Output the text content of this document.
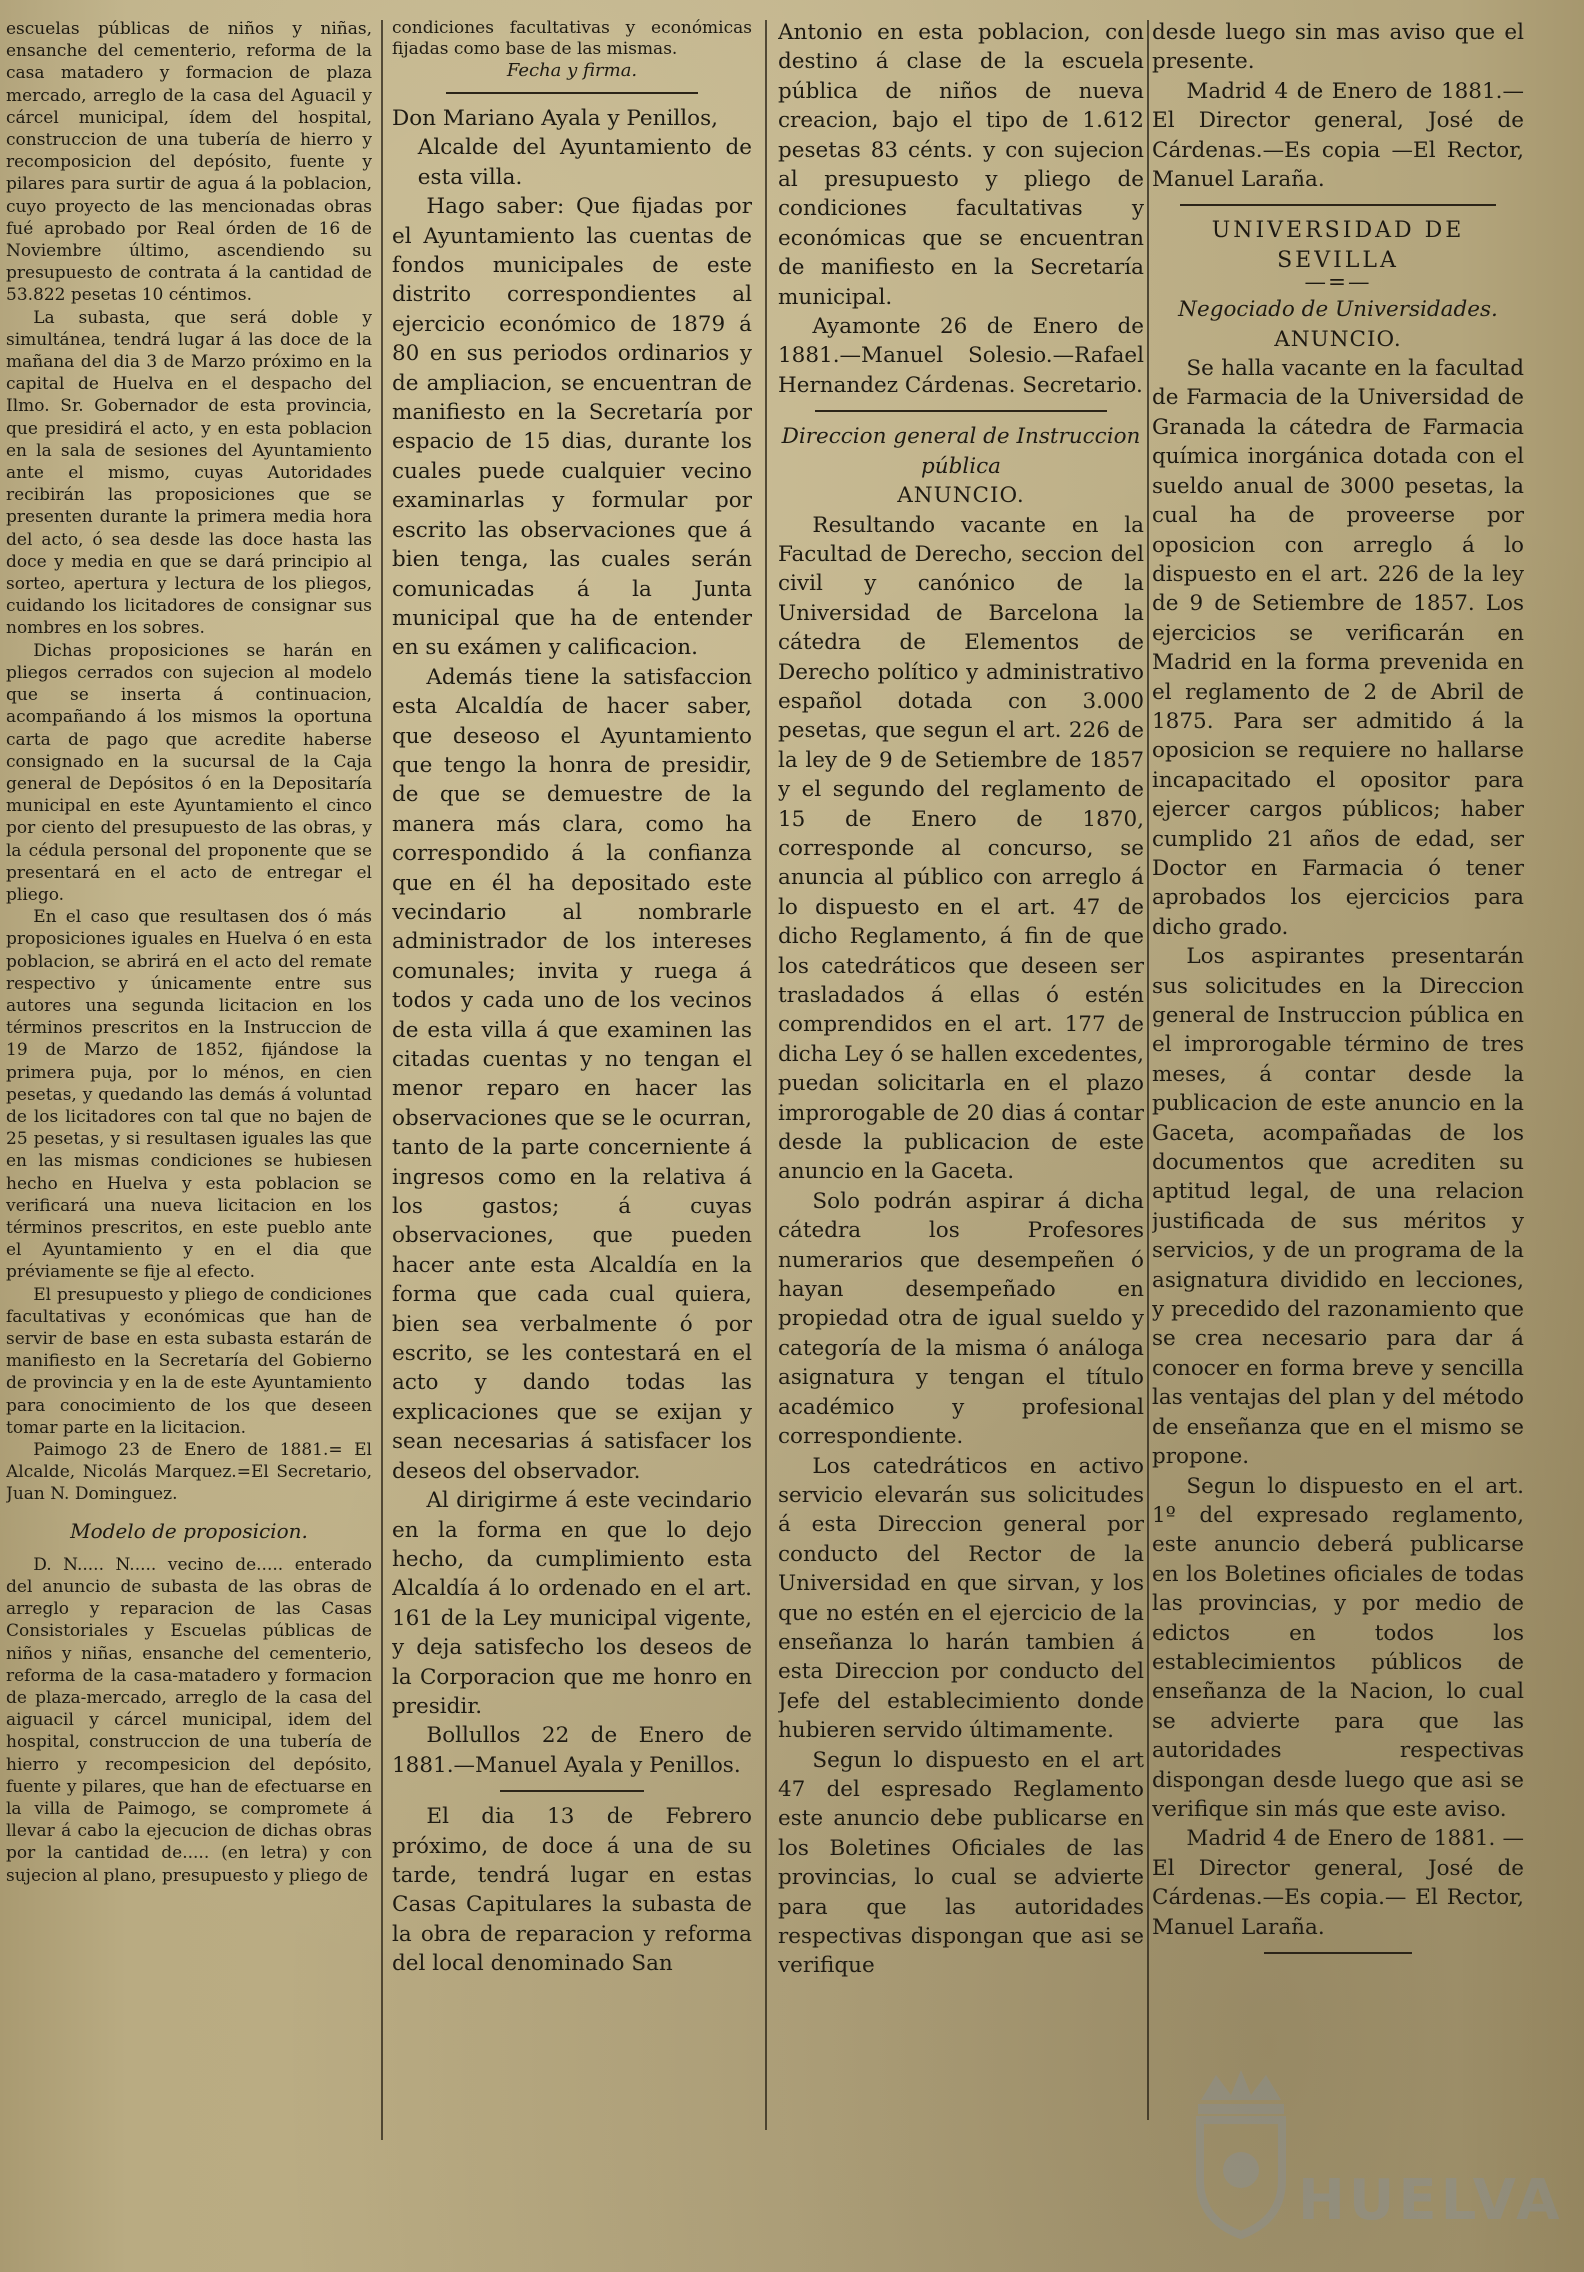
escuelas públicas de niños y niñas, ensanche del cementerio, reforma de la casa matadero y formacion de plaza mercado, arreglo de la casa del Aguacil y cárcel municipal, ídem del hospital, construccion de una tubería de hierro y recomposicion del depósito, fuente y pilares para surtir de agua á la poblacion, cuyo proyecto de las mencionadas obras fué aprobado por Real órden de 16 de Noviembre último, ascendiendo su presupuesto de contrata á la cantidad de 53.822 pesetas 10 céntimos.

La subasta, que será doble y simultánea, tendrá lugar á las doce de la mañana del dia 3 de Marzo próximo en la capital de Huelva en el despacho del Ilmo. Sr. Gobernador de esta provincia, que presidirá el acto, y en esta poblacion en la sala de sesiones del Ayuntamiento ante el mismo, cuyas Autoridades recibirán las proposiciones que se presenten durante la primera media hora del acto, ó sea desde las doce hasta las doce y media en que se dará principio al sorteo, apertura y lectura de los pliegos, cuidando los licitadores de consignar sus nombres en los sobres.

Dichas proposiciones se harán en pliegos cerrados con sujecion al modelo que se inserta á continuacion, acompañando á los mismos la oportuna carta de pago que acredite haberse consignado en la sucursal de la Caja general de Depósitos ó en la Depositaría municipal en este Ayuntamiento el cinco por ciento del presupuesto de las obras, y la cédula personal del proponente que se presentará en el acto de entregar el pliego.

En el caso que resultasen dos ó más proposiciones iguales en Huelva ó en esta poblacion, se abrirá en el acto del remate respectivo y únicamente entre sus autores una segunda licitacion en los términos prescritos en la Instruccion de 19 de Marzo de 1852, fijándose la primera puja, por lo ménos, en cien pesetas, y quedando las demás á voluntad de los licitadores con tal que no bajen de 25 pesetas, y si resultasen iguales las que en las mismas condiciones se hubiesen hecho en Huelva y esta poblacion se verificará una nueva licitacion en los términos prescritos, en este pueblo ante el Ayuntamiento y en el dia que préviamente se fije al efecto.

El presupuesto y pliego de condiciones facultativas y económicas que han de servir de base en esta subasta estarán de manifiesto en la Secretaría del Gobierno de provincia y en la de este Ayuntamiento para conocimiento de los que deseen tomar parte en la licitacion.

Paimogo 23 de Enero de 1881.= El Alcalde, Nicolás Marquez.=El Secretario, Juan N. Dominguez.

Modelo de proposicion.

D. N..... N..... vecino de..... enterado del anuncio de subasta de las obras de arreglo y reparacion de las Casas Consistoriales y Escuelas públicas de niños y niñas, ensanche del cementerio, reforma de la casa-matadero y formacion de plaza-mercado, arreglo de la casa del aiguacil y cárcel municipal, idem del hospital, construccion de una tubería de hierro y recompesicion del depósito, fuente y pilares, que han de efectuarse en la villa de Paimogo, se compromete á llevar á cabo la ejecucion de dichas obras por la cantidad de..... (en letra) y con sujecion al plano, presupuesto y pliego de

condiciones facultativas y económicas fijadas como base de las mismas.

Fecha y firma.
Don Mariano Ayala y Penillos,
Alcalde del Ayuntamiento de esta villa.

Hago saber: Que fijadas por el Ayuntamiento las cuentas de fondos municipales de este distrito correspondientes al ejercicio económico de 1879 á 80 en sus periodos ordinarios y de ampliacion, se encuentran de manifiesto en la Secretaría por espacio de 15 dias, durante los cuales puede cualquier vecino examinarlas y formular por escrito las observaciones que á bien tenga, las cuales serán comunicadas á la Junta municipal que ha de entender en su exámen y calificacion.

Además tiene la satisfaccion esta Alcaldía de hacer saber, que deseoso el Ayuntamiento que tengo la honra de presidir, de que se demuestre de la manera más clara, como ha correspondido á la confianza que en él ha depositado este vecindario al nombrarle administrador de los intereses comunales; invita y ruega á todos y cada uno de los vecinos de esta villa á que examinen las citadas cuentas y no tengan el menor reparo en hacer las observaciones que se le ocurran, tanto de la parte concerniente á ingresos como en la relativa á los gastos; á cuyas observaciones, que pueden hacer ante esta Alcaldía en la forma que cada cual quiera, bien sea verbalmente ó por escrito, se les contestará en el acto y dando todas las explicaciones que se exijan y sean necesarias á satisfacer los deseos del observador.

Al dirigirme á este vecindario en la forma en que lo dejo hecho, da cumplimiento esta Alcaldía á lo ordenado en el art. 161 de la Ley municipal vigente, y deja satisfecho los deseos de la Corporacion que me honro en presidir.

Bollullos 22 de Enero de 1881.—Manuel Ayala y Penillos.

El dia 13 de Febrero próximo, de doce á una de su tarde, tendrá lugar en estas Casas Capitulares la subasta de la obra de reparacion y reforma del local denominado San

Antonio en esta poblacion, con destino á clase de la escuela pública de niños de nueva creacion, bajo el tipo de 1.612 pesetas 83 cénts. y con sujecion al presupuesto y pliego de condiciones facultativas y económicas que se encuentran de manifiesto en la Secretaría municipal.

Ayamonte 26 de Enero de 1881.—Manuel Solesio.—Rafael Hernandez Cárdenas. Secretario.

Direccion general de Instruccion pública
ANUNCIO.

Resultando vacante en la Facultad de Derecho, seccion del civil y canónico de la Universidad de Barcelona la cátedra de Elementos de Derecho político y administrativo español dotada con 3.000 pesetas, que segun el art. 226 de la ley de 9 de Setiembre de 1857 y el segundo del reglamento de 15 de Enero de 1870, corresponde al concurso, se anuncia al público con arreglo á lo dispuesto en el art. 47 de dicho Reglamento, á fin de que los catedráticos que deseen ser trasladados á ellas ó estén comprendidos en el art. 177 de dicha Ley ó se hallen excedentes, puedan solicitarla en el plazo improrogable de 20 dias á contar desde la publicacion de este anuncio en la Gaceta.

Solo podrán aspirar á dicha cátedra los Profesores numerarios que desempeñen ó hayan desempeñado en propiedad otra de igual sueldo y categoría de la misma ó análoga asignatura y tengan el título académico y profesional correspondiente.

Los catedráticos en activo servicio elevarán sus solicitudes á esta Direccion general por conducto del Rector de la Universidad en que sirvan, y los que no estén en el ejercicio de la enseñanza lo harán tambien á esta Direccion por conducto del Jefe del establecimiento donde hubieren servido últimamente.

Segun lo dispuesto en el art 47 del espresado Reglamento este anuncio debe publicarse en los Boletines Oficiales de las provincias, lo cual se advierte para que las autoridades respectivas dispongan que asi se verifique

desde luego sin mas aviso que el presente.

Madrid 4 de Enero de 1881.—El Director general, José de Cárdenas.—Es copia —El Rector, Manuel Laraña.

UNIVERSIDAD DE SEVILLA
—=—
Negociado de Universidades.
ANUNCIO.

Se halla vacante en la facultad de Farmacia de la Universidad de Granada la cátedra de Farmacia química inorgánica dotada con el sueldo anual de 3000 pesetas, la cual ha de proveerse por oposicion con arreglo á lo dispuesto en el art. 226 de la ley de 9 de Setiembre de 1857. Los ejercicios se verificarán en Madrid en la forma prevenida en el reglamento de 2 de Abril de 1875. Para ser admitido á la oposicion se requiere no hallarse incapacitado el opositor para ejercer cargos públicos; haber cumplido 21 años de edad, ser Doctor en Farmacia ó tener aprobados los ejercicios para dicho grado.

Los aspirantes presentarán sus solicitudes en la Direccion general de Instruccion pública en el improrogable término de tres meses, á contar desde la publicacion de este anuncio en la Gaceta, acompañadas de los documentos que acrediten su aptitud legal, de una relacion justificada de sus méritos y servicios, y de un programa de la asignatura dividido en lecciones, y precedido del razonamiento que se crea necesario para dar á conocer en forma breve y sencilla las ventajas del plan y del método de enseñanza que en el mismo se propone.

Segun lo dispuesto en el art. 1º del expresado reglamento, este anuncio deberá publicarse en los Boletines oficiales de todas las provincias, y por medio de edictos en todos los establecimientos públicos de enseñanza de la Nacion, lo cual se advierte para que las autoridades respectivas dispongan desde luego que asi se verifique sin más que este aviso.

Madrid 4 de Enero de 1881. —El Director general, José de Cárdenas.—Es copia.— El Rector, Manuel Laraña.

HUELVA
